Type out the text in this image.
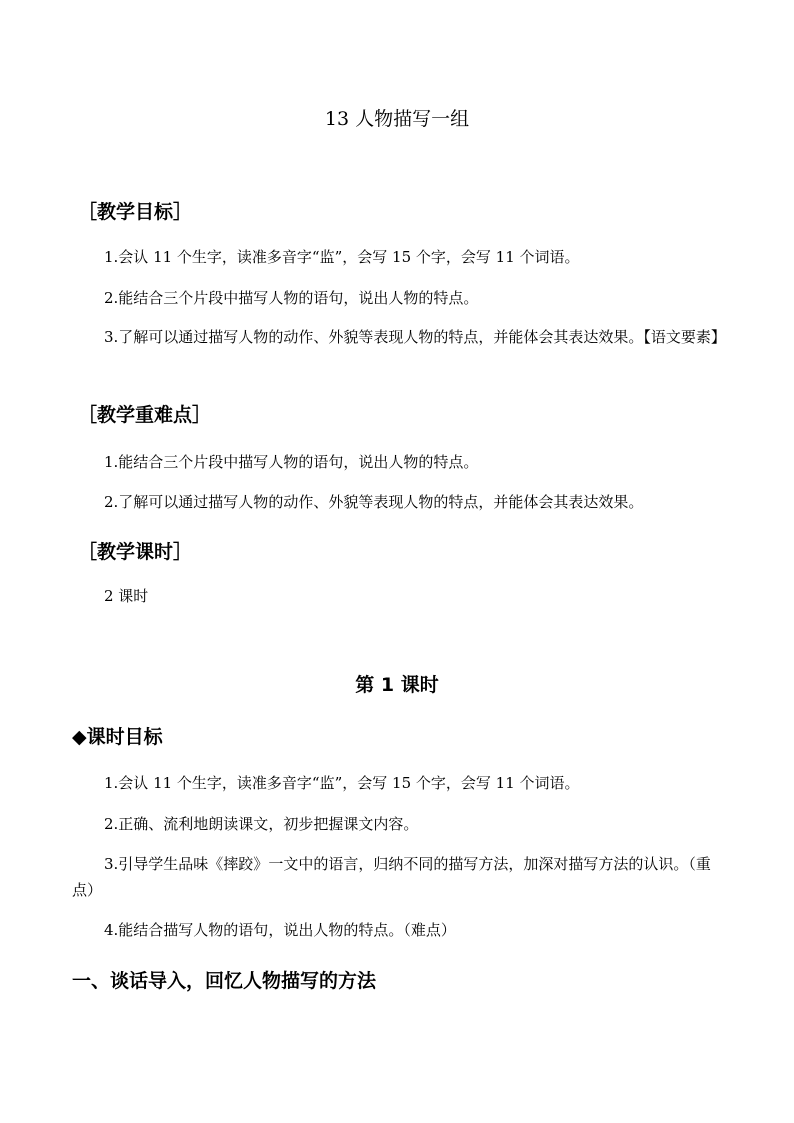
13 人物描写一组
［教学目标］
1.会认 11 个生字，读准多音字“监”，会写 15 个字，会写 11 个词语。
2.能结合三个片段中描写人物的语句，说出人物的特点。
3.了解可以通过描写人物的动作、外貌等表现人物的特点，并能体会其表达效果。【语文要素】
［教学重难点］
1.能结合三个片段中描写人物的语句，说出人物的特点。
2.了解可以通过描写人物的动作、外貌等表现人物的特点，并能体会其表达效果。
［教学课时］
2 课时
第 1 课时
◆课时目标
1.会认 11 个生字，读准多音字“监”，会写 15 个字，会写 11 个词语。
2.正确、流利地朗读课文，初步把握课文内容。
3.引导学生品味《摔跤》一文中的语言，归纳不同的描写方法，加深对描写方法的认识。（重点）
4.能结合描写人物的语句，说出人物的特点。（难点）
一、谈话导入，回忆人物描写的方法
